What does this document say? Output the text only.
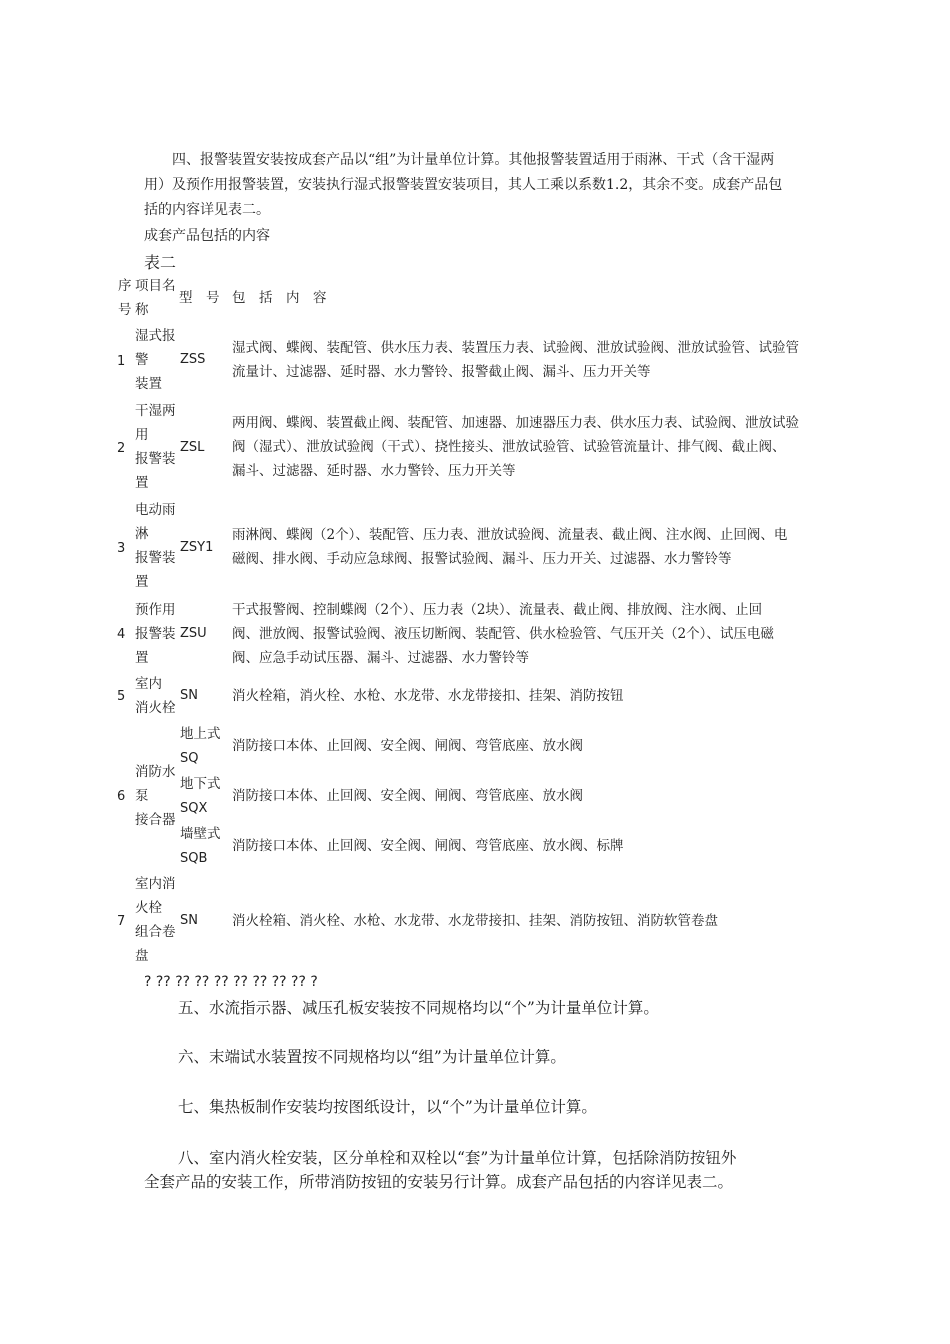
四、报警装置安装按成套产品以“组”为计量单位计算。其他报警装置适用于雨淋、干式（含干湿两
用）及预作用报警装置，安装执行湿式报警装置安装项目，其人工乘以系数1.2，其余不变。成套产品包
括的内容详见表二。
成套产品包括的内容
表二
序
号
项目名
称
型　号 包　括　内　容
1
湿式报
警
装置
ZSS
湿式阀、蝶阀、装配管、供水压力表、装置压力表、试验阀、泄放试验阀、泄放试验管、试验管
流量计、过滤器、延时器、水力警铃、报警截止阀、漏斗、压力开关等
2
干湿两
用
报警装
置
ZSL
两用阀、蝶阀、装置截止阀、装配管、加速器、加速器压力表、供水压力表、试验阀、泄放试验
阀（湿式）、泄放试验阀（干式）、挠性接头、泄放试验管、试验管流量计、排气阀、截止阀、
漏斗、过滤器、延时器、水力警铃、压力开关等
3
电动雨
淋
报警装
置
ZSY1
雨淋阀、蝶阀（2个）、装配管、压力表、泄放试验阀、流量表、截止阀、注水阀、止回阀、电
磁阀、排水阀、手动应急球阀、报警试验阀、漏斗、压力开关、过滤器、水力警铃等
4
预作用
报警装
置
ZSU
干式报警阀、控制蝶阀（2个）、压力表（2块）、流量表、截止阀、排放阀、注水阀、止回
阀、泄放阀、报警试验阀、液压切断阀、装配管、供水检验管、气压开关（2个）、试压电磁
阀、应急手动试压器、漏斗、过滤器、水力警铃等
5
室内
消火栓
SN	消火栓箱，消火栓、水枪、水龙带、水龙带接扣、挂架、消防按钮
6
消防水
泵
接合器
地上式
SQ
消防接口本体、止回阀、安全阀、闸阀、弯管底座、放水阀
地下式
SQX
消防接口本体、止回阀、安全阀、闸阀、弯管底座、放水阀
墙壁式
SQB
消防接口本体、止回阀、安全阀、闸阀、弯管底座、放水阀、标牌
7
室内消
火栓
组合卷
盘
SN	消火栓箱、消火栓、水枪、水龙带、水龙带接扣、挂架、消防按钮、消防软管卷盘
? ?? ?? ?? ?? ?? ?? ?? ?? ?
五、水流指示器、减压孔板安装按不同规格均以“个”为计量单位计算。
六、末端试水装置按不同规格均以“组”为计量单位计算。
七、集热板制作安装均按图纸设计，以“个”为计量单位计算。
八、室内消火栓安装，区分单栓和双栓以“套”为计量单位计算，包括除消防按钮外
全套产品的安装工作，所带消防按钮的安装另行计算。成套产品包括的内容详见表二。
